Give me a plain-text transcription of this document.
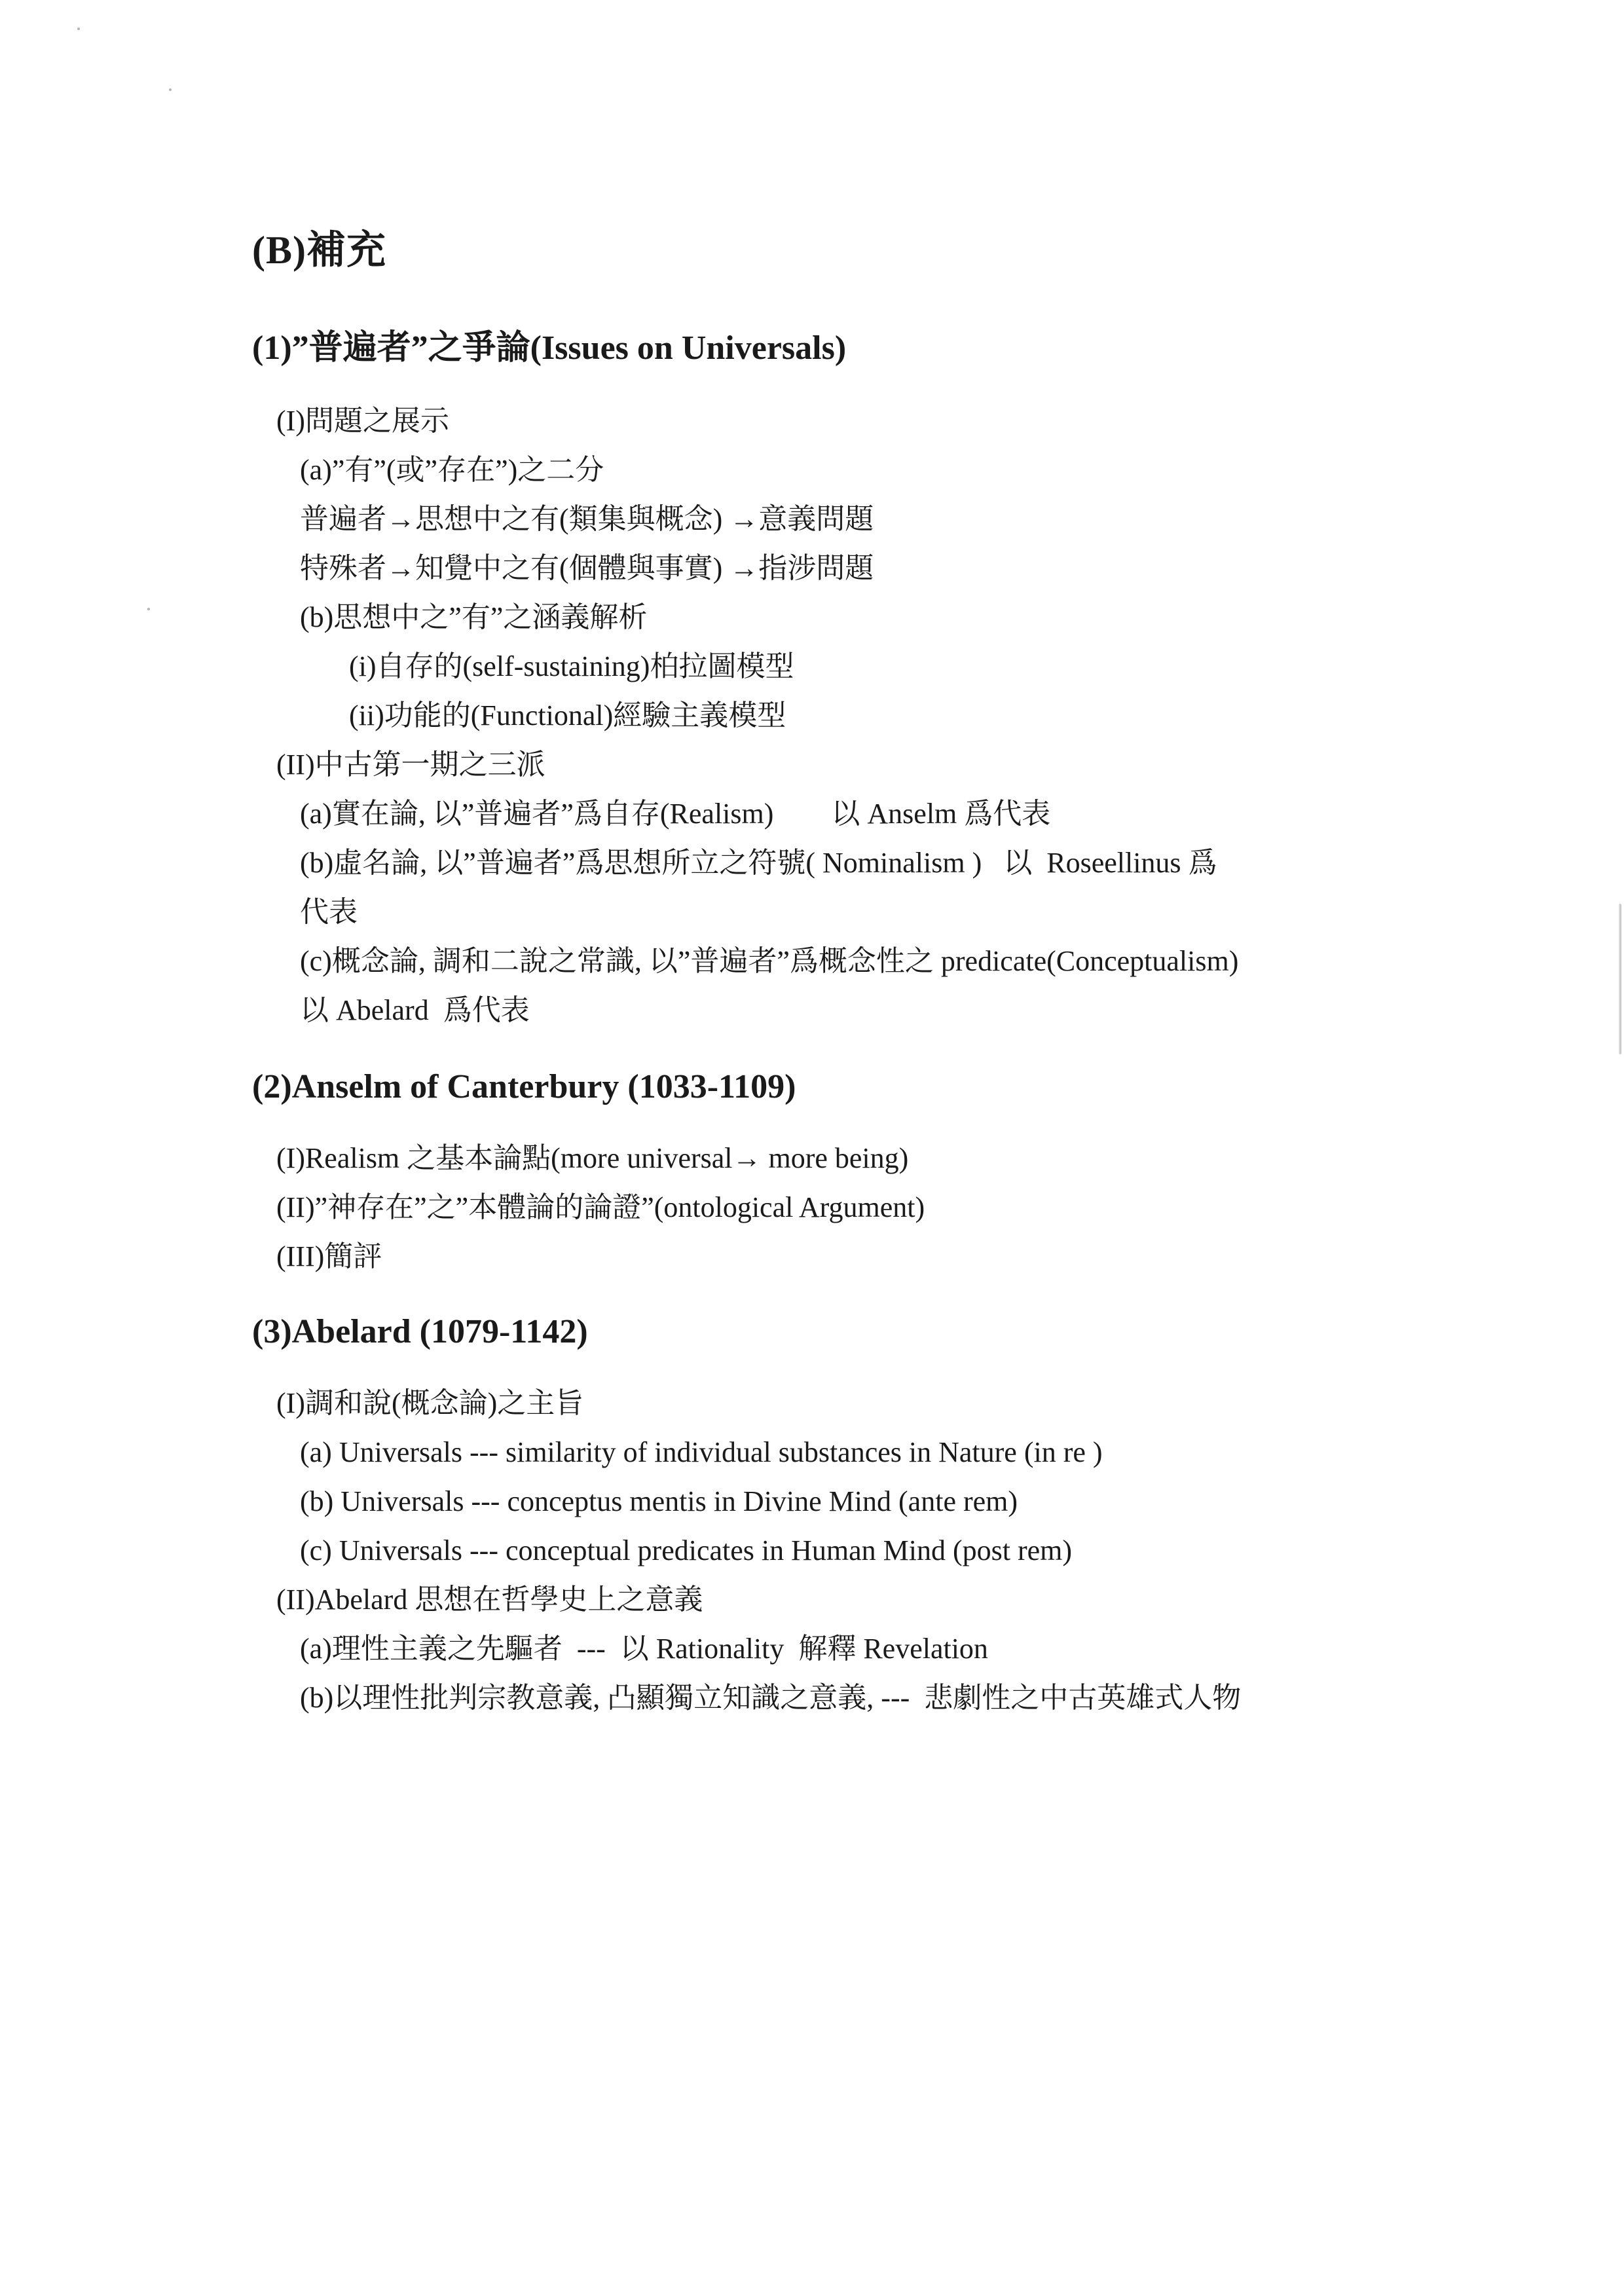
(B)補充
(1)”普遍者”之爭論(Issues on Universals)
(I)問題之展示
(a)”有”(或”存在”)之二分
普遍者→思想中之有(類集與概念) →意義問題
特殊者→知覺中之有(個體與事實) →指涉問題
(b)思想中之”有”之涵義解析
(i)自存的(self-sustaining)柏拉圖模型
(ii)功能的(Functional)經驗主義模型
(II)中古第一期之三派
(a)實在論, 以”普遍者”爲自存(Realism)        以 Anselm 爲代表
(b)虛名論, 以”普遍者”爲思想所立之符號( Nominalism )   以  Roseellinus 爲
代表
(c)概念論, 調和二說之常識, 以”普遍者”爲概念性之 predicate(Conceptualism)
以 Abelard  爲代表
(2)Anselm of Canterbury (1033-1109)
(I)Realism 之基本論點(more universal→ more being)
(II)”神存在”之”本體論的論證”(ontological Argument)
(III)簡評
(3)Abelard (1079-1142)
(I)調和說(概念論)之主旨
(a) Universals --- similarity of individual substances in Nature (in re )
(b) Universals --- conceptus mentis in Divine Mind (ante rem)
(c) Universals --- conceptual predicates in Human Mind (post rem)
(II)Abelard 思想在哲學史上之意義
(a)理性主義之先驅者  ---  以 Rationality  解釋 Revelation
(b)以理性批判宗教意義, 凸顯獨立知識之意義, ---  悲劇性之中古英雄式人物
